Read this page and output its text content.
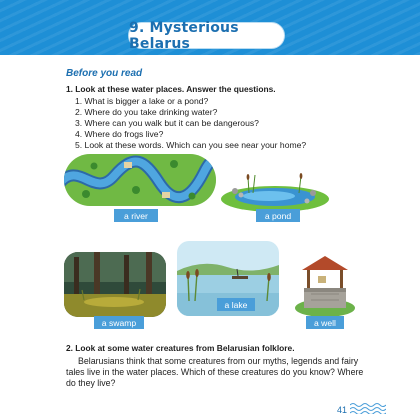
9. Mysterious Belarus
Before you read
1. Look at these water places. Answer the questions.
1. What is bigger a lake or a pond?
2. Where do you take drinking water?
3. Where can you walk but it can be dangerous?
4. Where do frogs live?
5. Look at these words. Which can you see near your home?
a river	a pond
a swamp
a lake
a well
2. Look at some water creatures from Belarusian folklore.

Belarusians think that some creatures from our myths, legends and fairy tales live in the water places. Which of these creatures do you know? Where do they live?

41
